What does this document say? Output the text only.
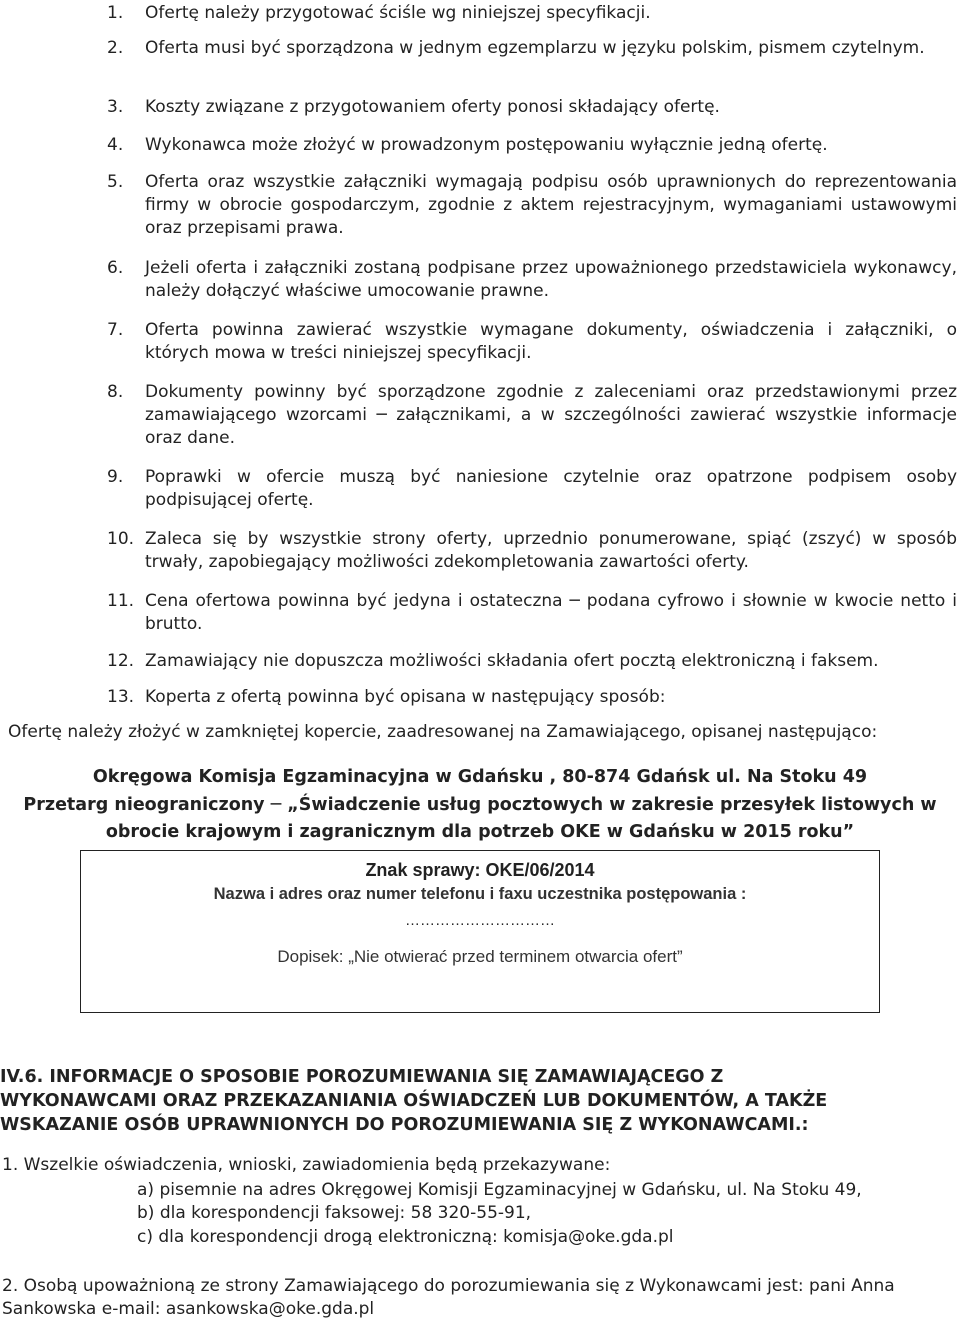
1. Ofertę należy przygotować ściśle wg niniejszej specyfikacji.
2. Oferta musi być sporządzona w jednym egzemplarzu w języku polskim, pismem czytelnym.
3. Koszty związane z przygotowaniem oferty ponosi składający ofertę.
4. Wykonawca może złożyć w prowadzonym postępowaniu wyłącznie jedną ofertę.
5. Oferta oraz wszystkie załączniki wymagają podpisu osób uprawnionych do reprezentowania firmy w obrocie gospodarczym, zgodnie z aktem rejestracyjnym, wymaganiami ustawowymi oraz przepisami prawa.
6. Jeżeli oferta i załączniki zostaną podpisane przez upoważnionego przedstawiciela wykonawcy, należy dołączyć właściwe umocowanie prawne.
7. Oferta powinna zawierać wszystkie wymagane dokumenty, oświadczenia i załączniki, o których mowa w treści niniejszej specyfikacji.
8. Dokumenty powinny być sporządzone zgodnie z zaleceniami oraz przedstawionymi przez zamawiającego wzorcami ─ załącznikami, a w szczególności zawierać wszystkie informacje oraz dane.
9. Poprawki w ofercie muszą być naniesione czytelnie oraz opatrzone podpisem osoby podpisującej ofertę.
10. Zaleca się by wszystkie strony oferty, uprzednio ponumerowane, spiąć (zszyć) w sposób trwały, zapobiegający możliwości zdekompletowania zawartości oferty.
11. Cena ofertowa powinna być jedyna i ostateczna ─ podana cyfrowo i słownie w kwocie netto i brutto.
12. Zamawiający nie dopuszcza możliwości składania ofert pocztą elektroniczną i faksem.
13. Koperta z ofertą powinna być opisana w następujący sposób:
Ofertę należy złożyć w zamkniętej kopercie, zaadresowanej na Zamawiającego, opisanej następująco:
Okręgowa Komisja Egzaminacyjna w Gdańsku , 80-874 Gdańsk ul. Na Stoku 49
Przetarg nieograniczony ─ „Świadczenie usług pocztowych w zakresie przesyłek listowych w
obrocie krajowym i zagranicznym dla potrzeb OKE w Gdańsku w 2015 roku”
Znak sprawy: OKE/06/2014
Nazwa i adres oraz numer telefonu i faxu uczestnika postępowania :
…………………………
Dopisek: „Nie otwierać przed terminem otwarcia ofert”
IV.6. INFORMACJE O SPOSOBIE POROZUMIEWANIA SIĘ ZAMAWIAJĄCEGO Z
WYKONAWCAMI ORAZ PRZEKAZANIANIA OŚWIADCZEŃ LUB DOKUMENTÓW, A TAKŻE
WSKAZANIE OSÓB UPRAWNIONYCH DO POROZUMIEWANIA SIĘ Z WYKONAWCAMI.:
1. Wszelkie oświadczenia, wnioski, zawiadomienia będą przekazywane:
a) pisemnie na adres Okręgowej Komisji Egzaminacyjnej w Gdańsku, ul. Na Stoku 49,
b) dla korespondencji faksowej: 58 320-55-91,
c) dla korespondencji drogą elektroniczną: komisja@oke.gda.pl
2. Osobą upoważnioną ze strony Zamawiającego do porozumiewania się z Wykonawcami jest: pani Anna
Sankowska e-mail: asankowska@oke.gda.pl
